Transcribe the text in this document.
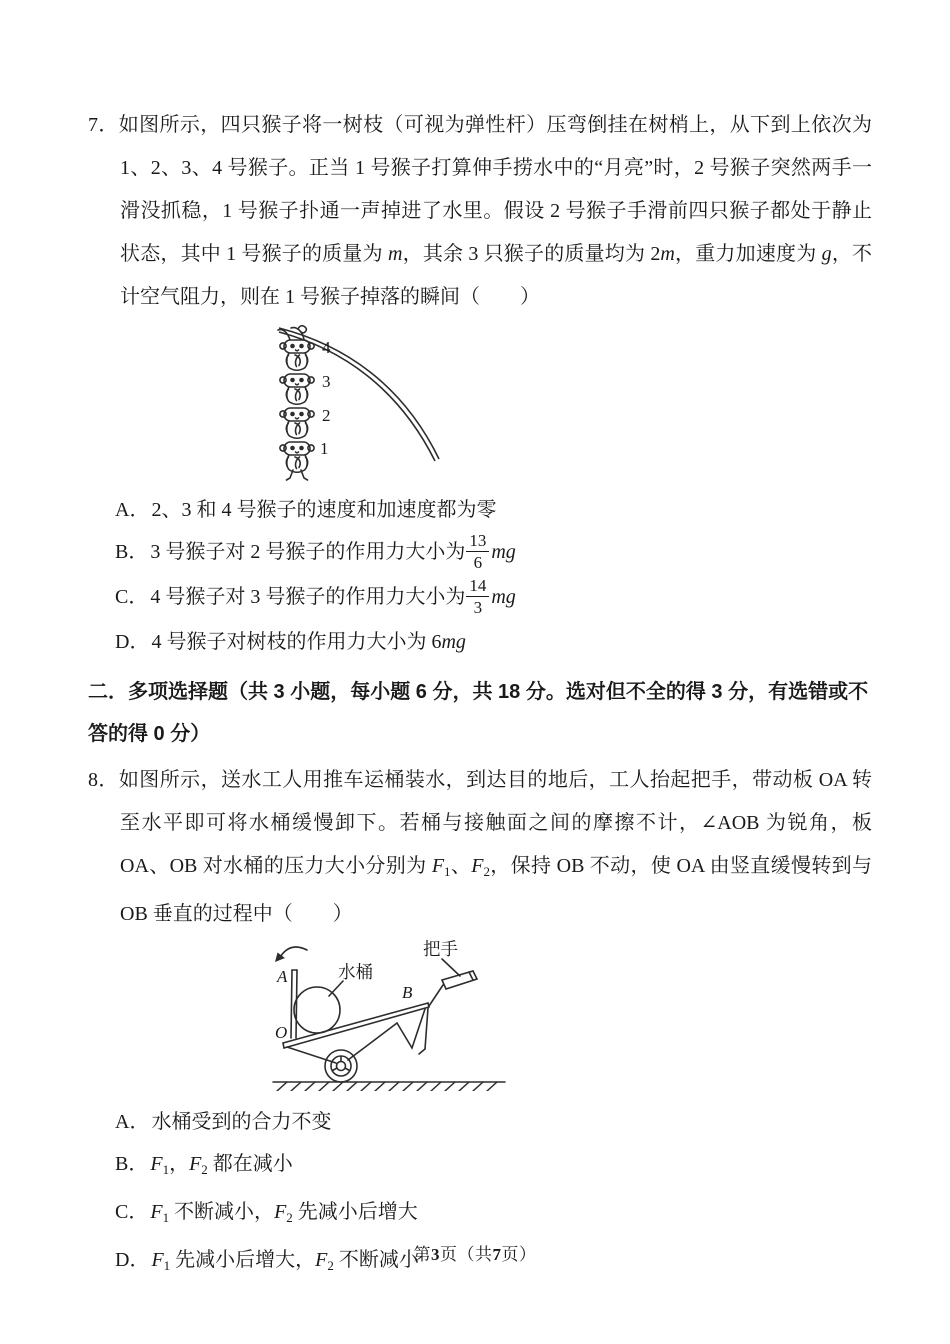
7．如图所示，四只猴子将一树枝（可视为弹性杆）压弯倒挂在树梢上，从下到上依次为 1、2、3、4 号猴子。正当 1 号猴子打算伸手捞水中的“月亮”时，2 号猴子突然两手一滑没抓稳，1 号猴子扑通一声掉进了水里。假设 2 号猴子手滑前四只猴子都处于静止状态，其中 1 号猴子的质量为 m，其余 3 只猴子的质量均为 2m，重力加速度为 g，不计空气阻力，则在 1 号猴子掉落的瞬间（　　）

4
3
2
1
A． 2、3 和 4 号猴子的速度和加速度都为零
B． 3 号猴子对 2 号猴子的作用力大小为 $\frac{13}{6}$ mg
C． 4 号猴子对 3 号猴子的作用力大小为 $\frac{14}{3}$ mg
D． 4 号猴子对树枝的作用力大小为 6mg
二．多项选择题（共 3 小题，每小题 6 分，共 18 分。选对但不全的得 3 分，有选错或不答的得 0 分）

8．如图所示，送水工人用推车运桶装水，到达目的地后，工人抬起把手，带动板 OA 转至水平即可将水桶缓慢卸下。若桶与接触面之间的摩擦不计，∠AOB 为锐角，板 OA、OB 对水桶的压力大小分别为 $F_1$、$F_2$，保持 OB 不动，使 OA 由竖直缓慢转到与 OB 垂直的过程中（　　）

A
O
B
水桶
把手
A． 水桶受到的合力不变
B． $F_1$，$F_2$ 都在减小
C． $F_1$ 不断减小，$F_2$ 先减小后增大
D． $F_1$ 先减小后增大，$F_2$ 不断减小
第3页（共7页）
